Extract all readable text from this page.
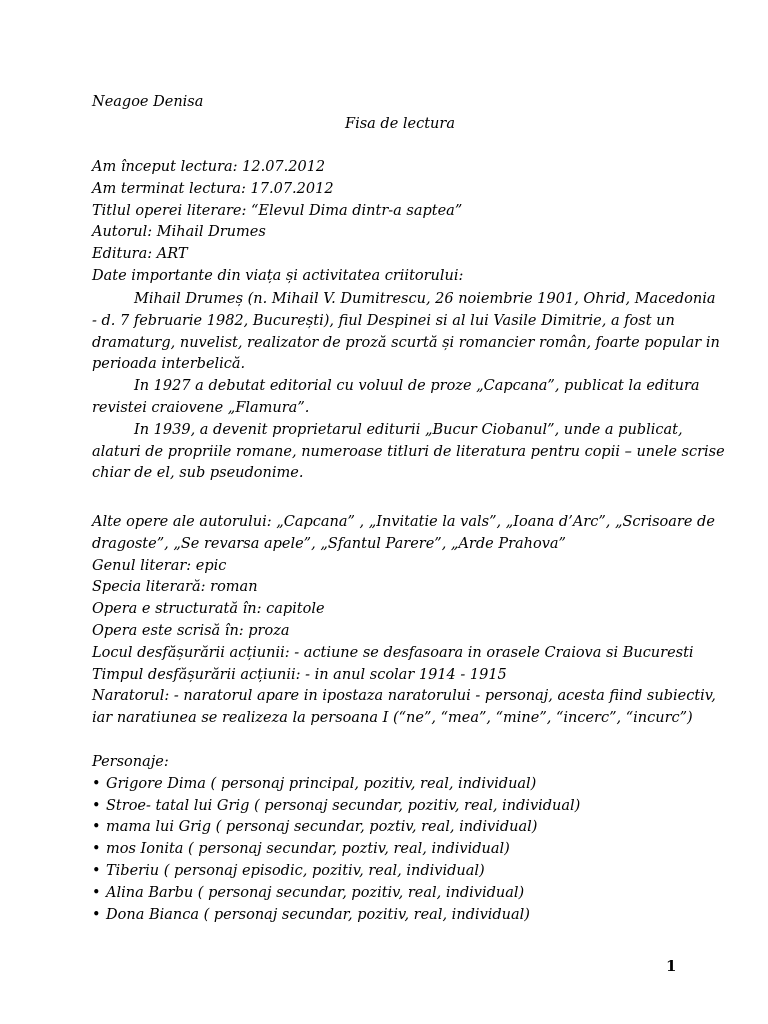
Neagoe Denisa

Fisa de lectura

Am început lectura: 12.07.2012

Am terminat lectura: 17.07.2012

Titlul operei literare: “Elevul Dima dintr-a saptea”

Autorul: Mihail Drumes

Editura: ART

Date importante din viața și activitatea criitorului:

Mihail Drumeș (n. Mihail V. Dumitrescu, 26 noiembrie 1901, Ohrid, Macedonia

- d. 7 februarie 1982, București), fiul Despinei si al lui Vasile Dimitrie, a fost un

dramaturg, nuvelist, realizator de proză scurtă și romancier român, foarte popular in

perioada interbelică.

In 1927 a debutat editorial cu voluul de proze „Capcana”, publicat la editura

revistei craiovene „Flamura”.

In 1939, a devenit proprietarul editurii „Bucur Ciobanul”, unde a publicat,

alaturi de propriile romane, numeroase titluri de literatura pentru copii – unele scrise

chiar de el, sub pseudonime.

Alte opere ale autorului: „Capcana” , „Invitatie la vals”, „Ioana d’Arc”, „Scrisoare de

dragoste”, „Se revarsa apele”, „Sfantul Parere”, „Arde Prahova”

Genul literar: epic

Specia literară: roman

Opera e structurată în: capitole

Opera este scrisă în: proza

Locul desfășurării acțiunii: - actiune se desfasoara in orasele Craiova si Bucuresti

Timpul desfășurării acțiunii: - in anul scolar 1914 - 1915

Naratorul: - naratorul apare in ipostaza naratorului - personaj, acesta fiind subiectiv,

iar naratiunea se realizeza la persoana I (“ne”, “mea”, “mine”, “incerc”, “incurc”)

Personaje:

• Grigore Dima ( personaj principal, pozitiv, real, individual)

• Stroe- tatal lui Grig ( personaj secundar, pozitiv, real, individual)

• mama lui Grig ( personaj secundar, poztiv, real, individual)

• mos Ionita ( personaj secundar, poztiv, real, individual)

• Tiberiu ( personaj episodic, pozitiv, real, individual)

• Alina Barbu ( personaj secundar, pozitiv, real, individual)

• Dona Bianca ( personaj secundar, pozitiv, real, individual)

1
